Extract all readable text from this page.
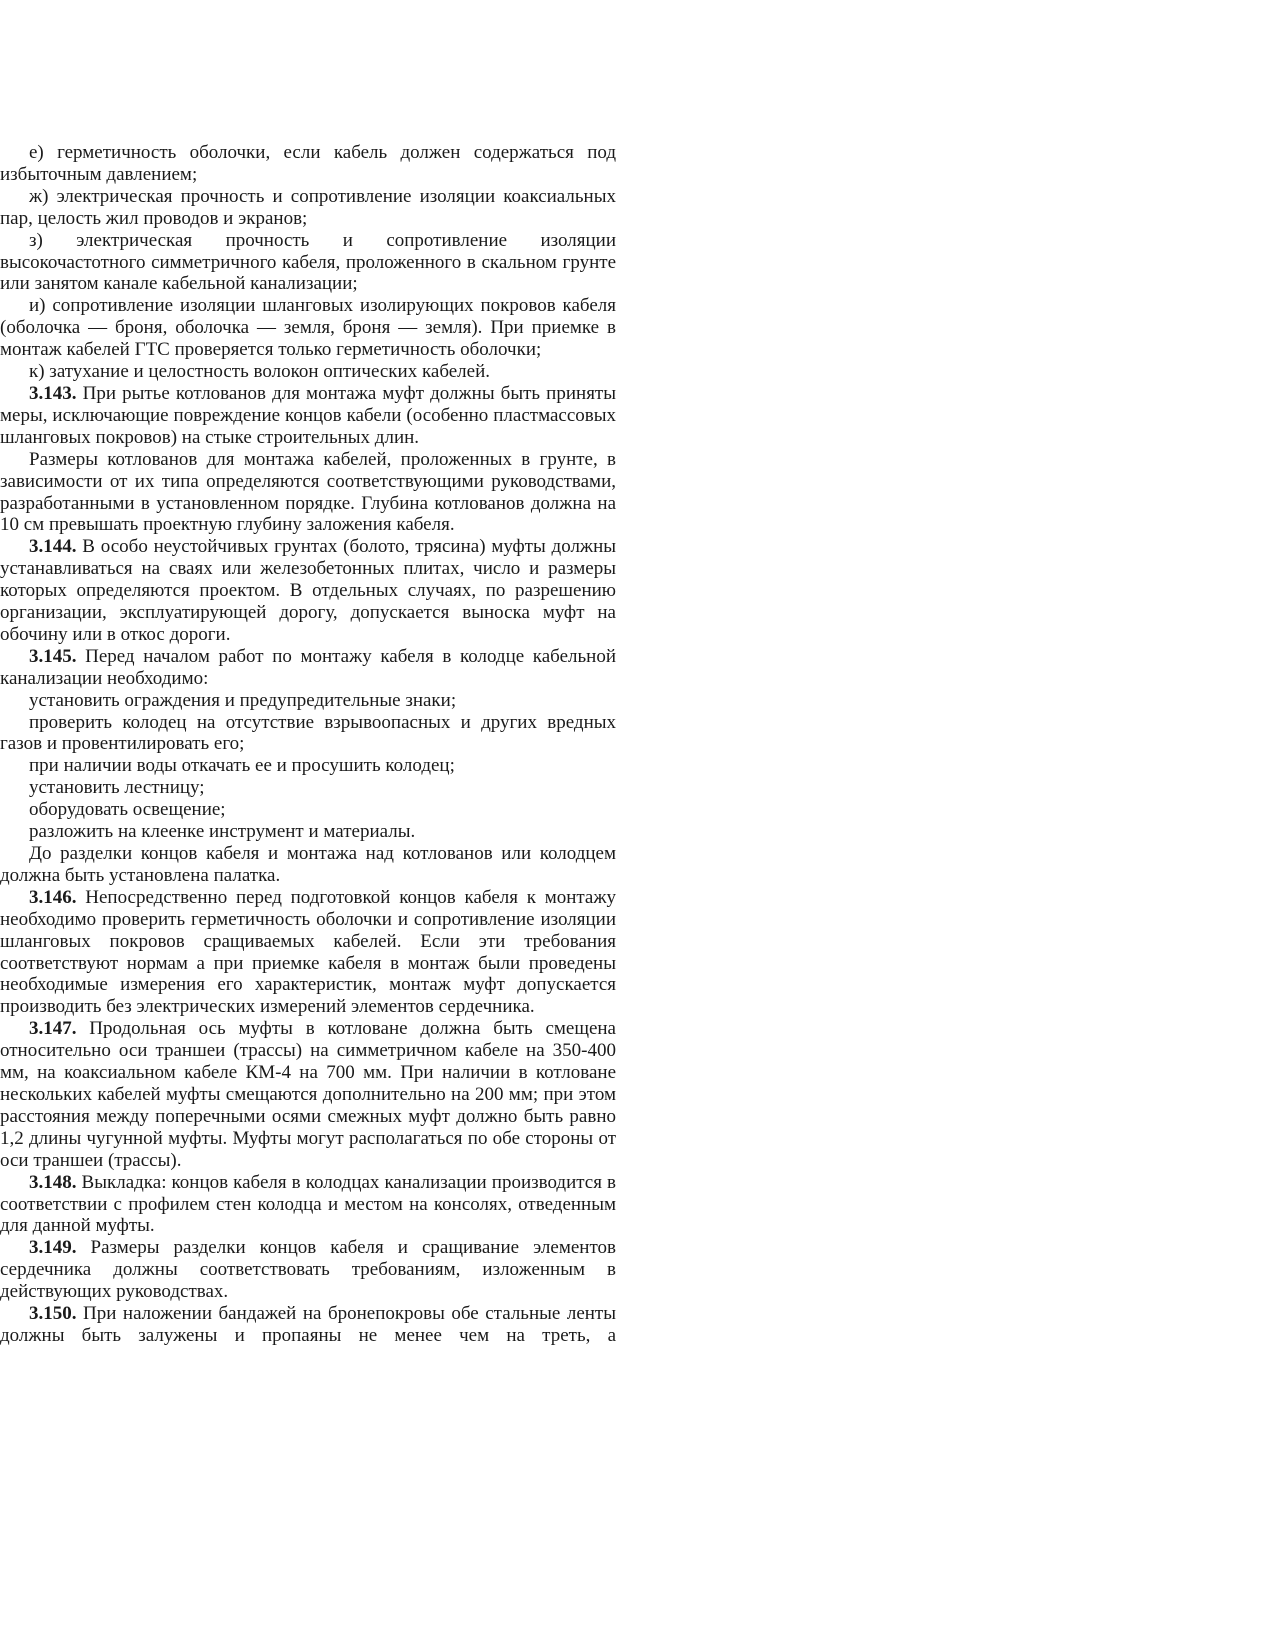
е) герметичность оболочки, если кабель должен содержаться под избыточным давлением;

ж) электрическая прочность и сопротивление изоляции коаксиальных пар, целость жил проводов и экранов;

з) электрическая прочность и сопротивление изоляции высокочастотного симметричного кабеля, проложенного в скальном грунте или занятом канале кабельной канализации;

и) сопротивление изоляции шланговых изолирующих покровов кабеля (оболочка — броня, оболочка — земля, броня — земля). При приемке в монтаж кабелей ГТС проверяется только герметичность оболочки;

к) затухание и целостность волокон оптических кабелей.

3.143. При рытье котлованов для монтажа муфт должны быть приняты меры, исключающие повреждение концов кабели (особенно пластмассовых шланговых покровов) на стыке строительных длин.

Размеры котлованов для монтажа кабелей, проложенных в грунте, в зависимости от их типа определяются соответствующими руководствами, разработанными в установленном порядке. Глубина котлованов должна на 10 см превышать проектную глубину заложения кабеля.

3.144. В особо неустойчивых грунтах (болото, трясина) муфты должны устанавливаться на сваях или железобетонных плитах, число и размеры которых определяются проектом. В отдельных случаях, по разрешению организации, эксплуатирующей дорогу, допускается выноска муфт на обочину или в откос дороги.

3.145. Перед началом работ по монтажу кабеля в колодце кабельной канализации необходимо:

установить ограждения и предупредительные знаки;

проверить колодец на отсутствие взрывоопасных и других вредных газов и провентилировать его;

при наличии воды откачать ее и просушить колодец;

установить лестницу;

оборудовать освещение;

разложить на клеенке инструмент и материалы.

До разделки концов кабеля и монтажа над котлованов или колодцем должна быть установлена палатка.

3.146. Непосредственно перед подготовкой концов кабеля к монтажу необходимо проверить герметичность оболочки и сопротивление изоляции шланговых покровов сращиваемых кабелей. Если эти требования соответствуют нормам а при приемке кабеля в монтаж были проведены необходимые измерения его характеристик, монтаж муфт допускается производить без электрических измерений элементов сердечника.

3.147. Продольная ось муфты в котловане должна быть смещена относительно оси траншеи (трассы) на симметричном кабеле на 350-400 мм, на коаксиальном кабеле КМ-4 на 700 мм. При наличии в котловане нескольких кабелей муфты смещаются дополнительно на 200 мм; при этом расстояния между поперечными осями смежных муфт должно быть равно 1,2 длины чугунной муфты. Муфты могут располагаться по обе стороны от оси траншеи (трассы).

3.148. Выкладка: концов кабеля в колодцах канализации производится в соответствии с профилем стен колодца и местом на консолях, отведенным для данной муфты.

3.149. Размеры разделки концов кабеля и сращивание элементов сердечника должны соответствовать требованиям, изложенным в действующих руководствах.

3.150. При наложении бандажей на бронепокровы обе стальные ленты должны быть залужены и пропаяны не менее чем на треть, а
